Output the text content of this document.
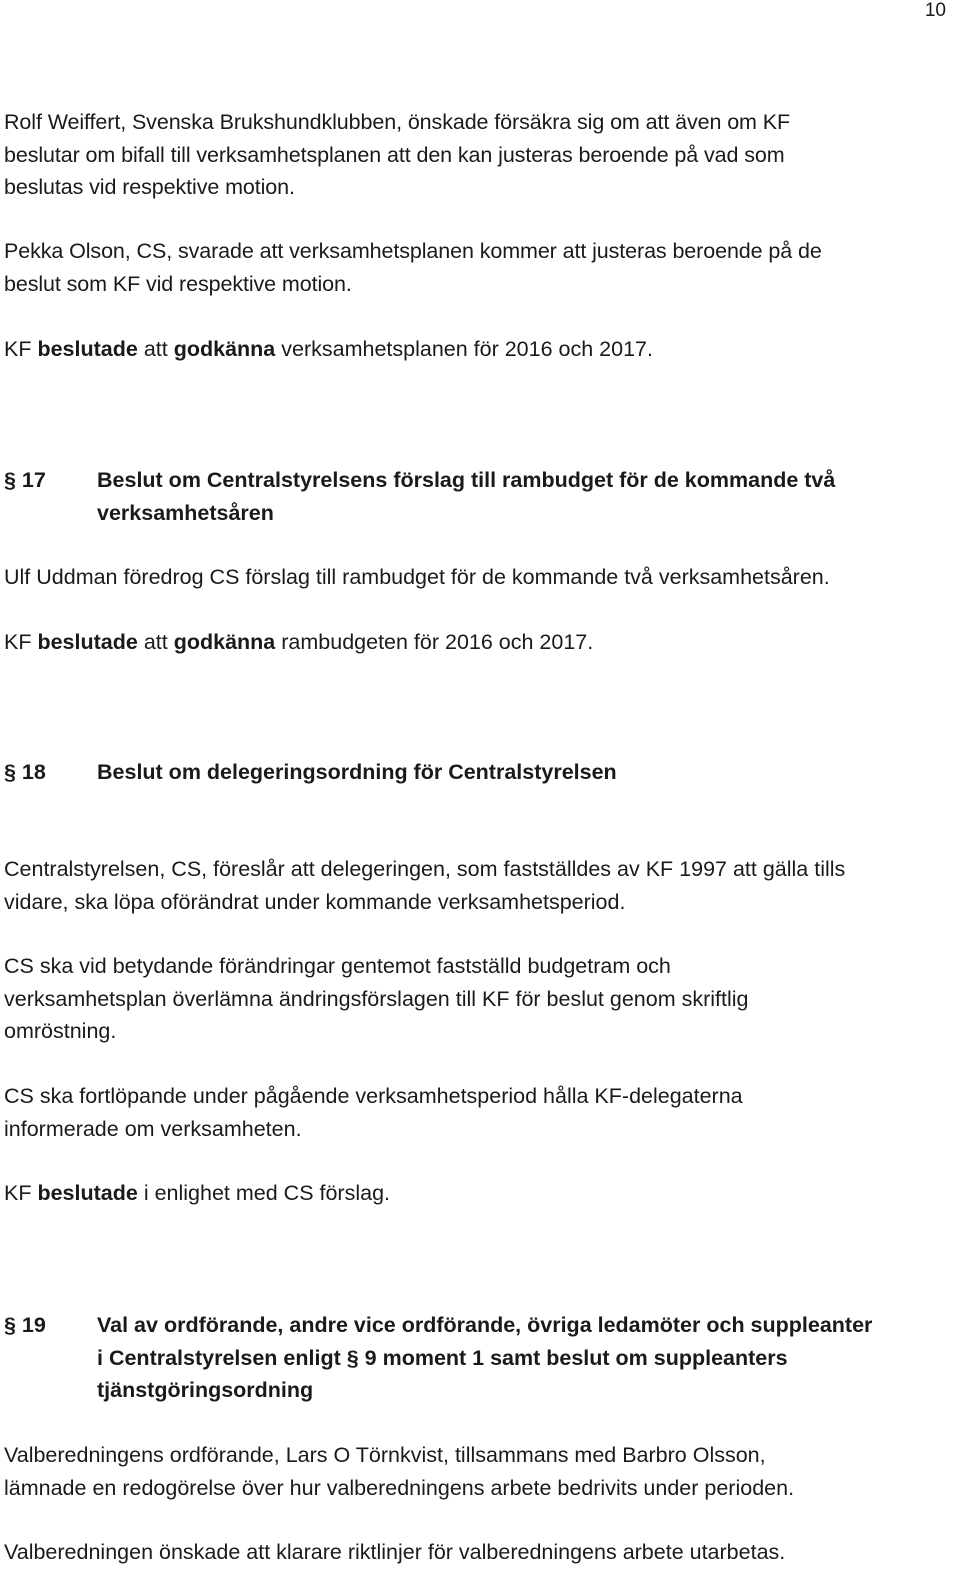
10
Rolf Weiffert, Svenska Brukshundklubben, önskade försäkra sig om att även om KF
beslutar om bifall till verksamhetsplanen att den kan justeras beroende på vad som
beslutas vid respektive motion.
Pekka Olson, CS, svarade att verksamhetsplanen kommer att justeras beroende på de
beslut som KF vid respektive motion.
KF beslutade att godkänna verksamhetsplanen för 2016 och 2017.
§ 17 Beslut om Centralstyrelsens förslag till rambudget för de kommande två
verksamhetsåren
Ulf Uddman föredrog CS förslag till rambudget för de kommande två verksamhetsåren.
KF beslutade att godkänna rambudgeten för 2016 och 2017.
§ 18 Beslut om delegeringsordning för Centralstyrelsen
Centralstyrelsen, CS, föreslår att delegeringen, som fastställdes av KF 1997 att gälla tills
vidare, ska löpa oförändrat under kommande verksamhetsperiod.
CS ska vid betydande förändringar gentemot fastställd budgetram och
verksamhetsplan överlämna ändringsförslagen till KF för beslut genom skriftlig
omröstning.
CS ska fortlöpande under pågående verksamhetsperiod hålla KF-delegaterna
informerade om verksamheten.
KF beslutade i enlighet med CS förslag.
§ 19 Val av ordförande, andre vice ordförande, övriga ledamöter och suppleanter
i Centralstyrelsen enligt § 9 moment 1 samt beslut om suppleanters
tjänstgöringsordning
Valberedningens ordförande, Lars O Törnkvist, tillsammans med Barbro Olsson,
lämnade en redogörelse över hur valberedningens arbete bedrivits under perioden.
Valberedningen önskade att klarare riktlinjer för valberedningens arbete utarbetas.
